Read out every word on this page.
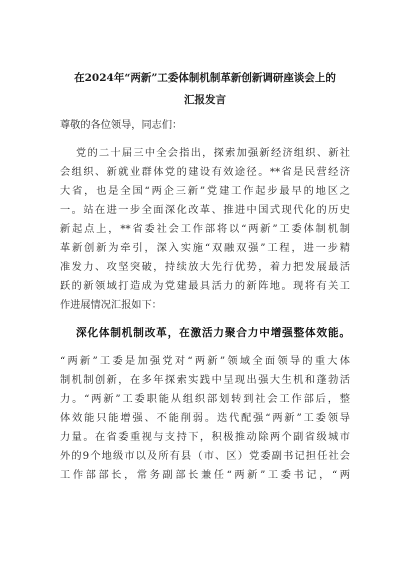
在2024年“两新”工委体制机制革新创新调研座谈会上的
汇报发言
尊敬的各位领导，同志们：
党的二十届三中全会指出，探索加强新经济组织、新社
会组织、新就业群体党的建设有效途径。**省是民营经济
大省，也是全国“两企三新”党建工作起步最早的地区之
一。站在进一步全面深化改革、推进中国式现代化的历史
新起点上，**省委社会工作部将以“两新”工委体制机制
革新创新为牵引，深入实施“双融双强”工程，进一步精
准发力、攻坚突破，持续放大先行优势，着力把发展最活
跃的新领域打造成为党建最具活力的新阵地。现将有关工
作进展情况汇报如下：
深化体制机制改革，在激活力聚合力中增强整体效能。
“两新”工委是加强党对“两新”领域全面领导的重大体
制机制创新，在多年探索实践中呈现出强大生机和蓬勃活
力。“两新”工委职能从组织部划转到社会工作部后，整
体效能只能增强、不能削弱。迭代配强“两新”工委领导
力量。在省委重视与支持下，积极推动除两个副省级城市
外的9个地级市以及所有县（市、区）党委副书记担任社会
工作部部长，常务副部长兼任“两新”工委书记，“两
